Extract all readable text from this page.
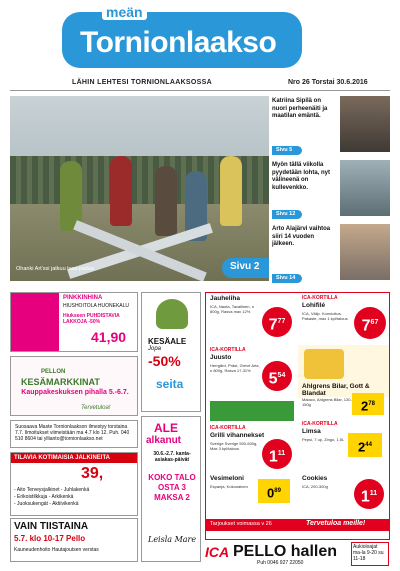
meän
Tornionlaakso
LÄHIN LEHTESI TORNIONLAAKSOSSA	Nro 26 Torstai 30.6.2016
Ohanki Art'ssi jatkuu taas joulua	Sivu 2
Katriina Sipilä on nuori perheenäiti ja maatilan emäntä.
Sivu 5
Myön tällä viikolla pyydetään lohta, nyt välineenä on kullevenkko.
Sivu 12
Arto Alajärvi vaihtoa siiri 14 vuoden jälkeen.
Sivu 14
PINKKINHINA
HIUSHOITOLA HUONEKALU
Hiukseen PUHDISTAVIA LAKKOJA -50%
41,90
PELLON
KESÄMARKKINAT
Kauppakeskuksen pihalla 5.-6.7.
Tervetuloa!
Suosaava Maste Tornionlaakson ilmestyy torstaina 7.7. Ilmoitukset viimeistään ma 4.7 klo 12. Puh. 040 510 8604 tai yllianto@tornionlaakso.net
TILAVIA KOTIMAISIA JALKINEITA
39,
- Aito Terveysjalkinet - Juhlakenkä
- Erikoistilkkuja - Arkikenkä
- Juoksukengät - Aktiivikenkä
VAIN TIISTAINA
5.7. klo 10-17 Pello
Kauneudenhoito Hautajoutsen verstas
KESÄALE
Jopa
-50%
seita
ALE
alkanut
30.6.-2.7. kanta-asiakas-päivät
KOKO TALO OSTA 3 MAKSA 2
Leisla Mare
Jauheliha
ICA, Nauta, Tavallinen, n 800g, Rasva max 12%
$7^{77}$
ICA-KORTILLA
Lohifilé
ICA, Välip. Kunnioitus, Pakaste, max 1 kpl/talous $7^{67}$
ICA-KORTILLA
Juusto
Herrgård, Präst, Grevé Arla, n 800g, Rasva 17-31%	$5^{54}$
Ahlgrens Bilar, Gott & Blandat
Malaco, Ahlgrens Bilar, 130-150g	$2^{78}$
ICA-KORTILLA
Grilli vihannekset
Sverige Sverige 500-600g, Max 3 kpl/talous	$1^{11}$
ICA-KORTILLA
Limsa
Pepsi, 7 up, Zingo, 1,5L	$2^{44}$
Vesimeloni
Espanja, Kokonainen	$0^{89}$
Cookies
ICA, 200-300g
$1^{11}$
Tarjoukset voimassa v 26	Tervetuloa meille!
ICA PELLO hallen
Puh 0046 927 22050
Aukioloajat ma-la 9-20 su 11-18
